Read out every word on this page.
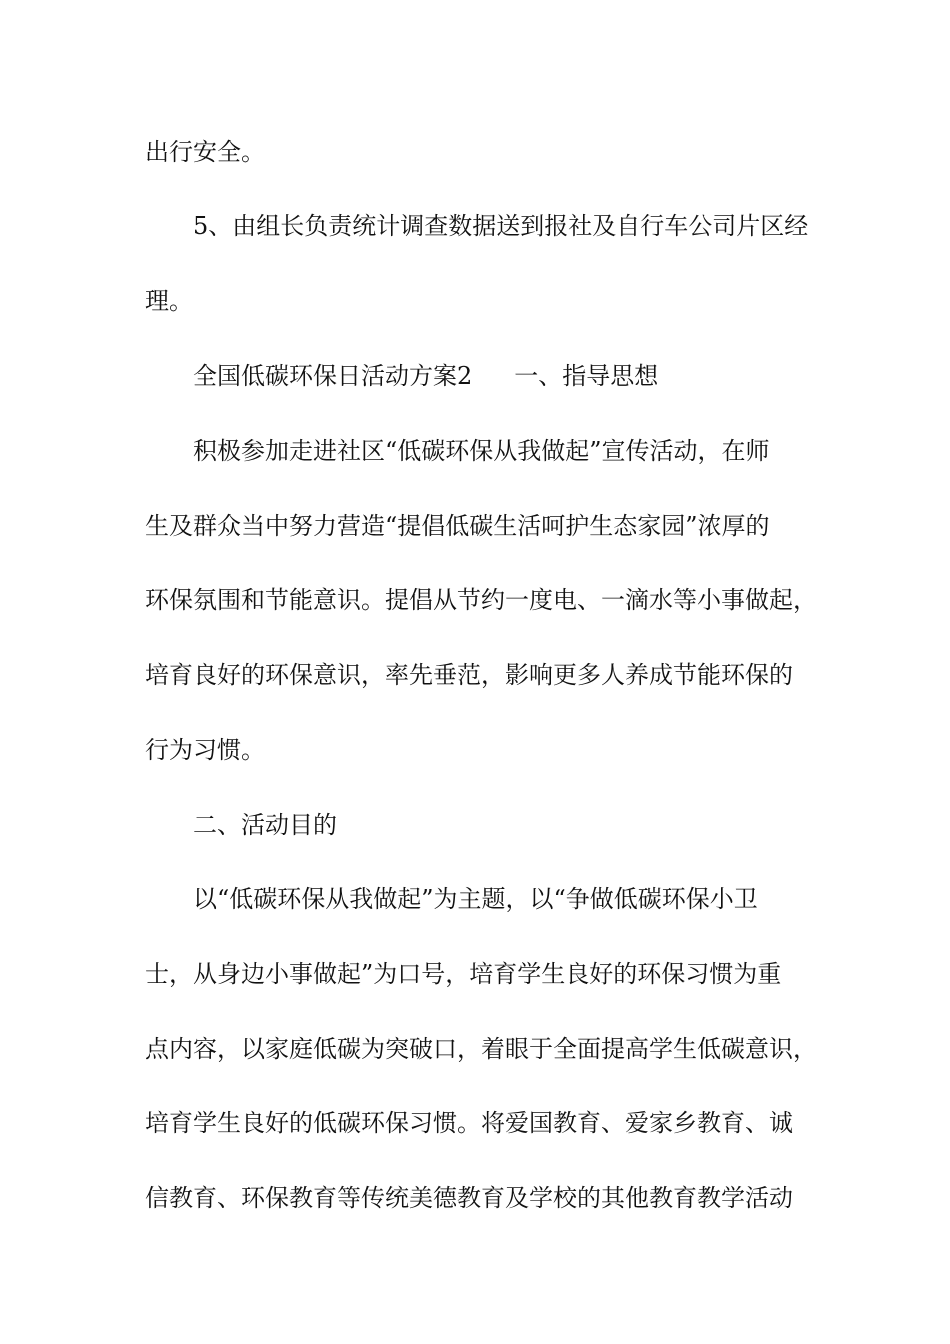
出行安全。
5、由组长负责统计调查数据送到报社及自行车公司片区经
理。
全国低碳环保日活动方案2 一、指导思想
积极参加走进社区“低碳环保从我做起”宣传活动，在师
生及群众当中努力营造“提倡低碳生活呵护生态家园”浓厚的
环保氛围和节能意识。提倡从节约一度电、一滴水等小事做起，
培育良好的环保意识，率先垂范，影响更多人养成节能环保的
行为习惯。
二、活动目的
以“低碳环保从我做起”为主题，以“争做低碳环保小卫
士，从身边小事做起”为口号，培育学生良好的环保习惯为重
点内容，以家庭低碳为突破口，着眼于全面提高学生低碳意识，
培育学生良好的低碳环保习惯。将爱国教育、爱家乡教育、诚
信教育、环保教育等传统美德教育及学校的其他教育教学活动
